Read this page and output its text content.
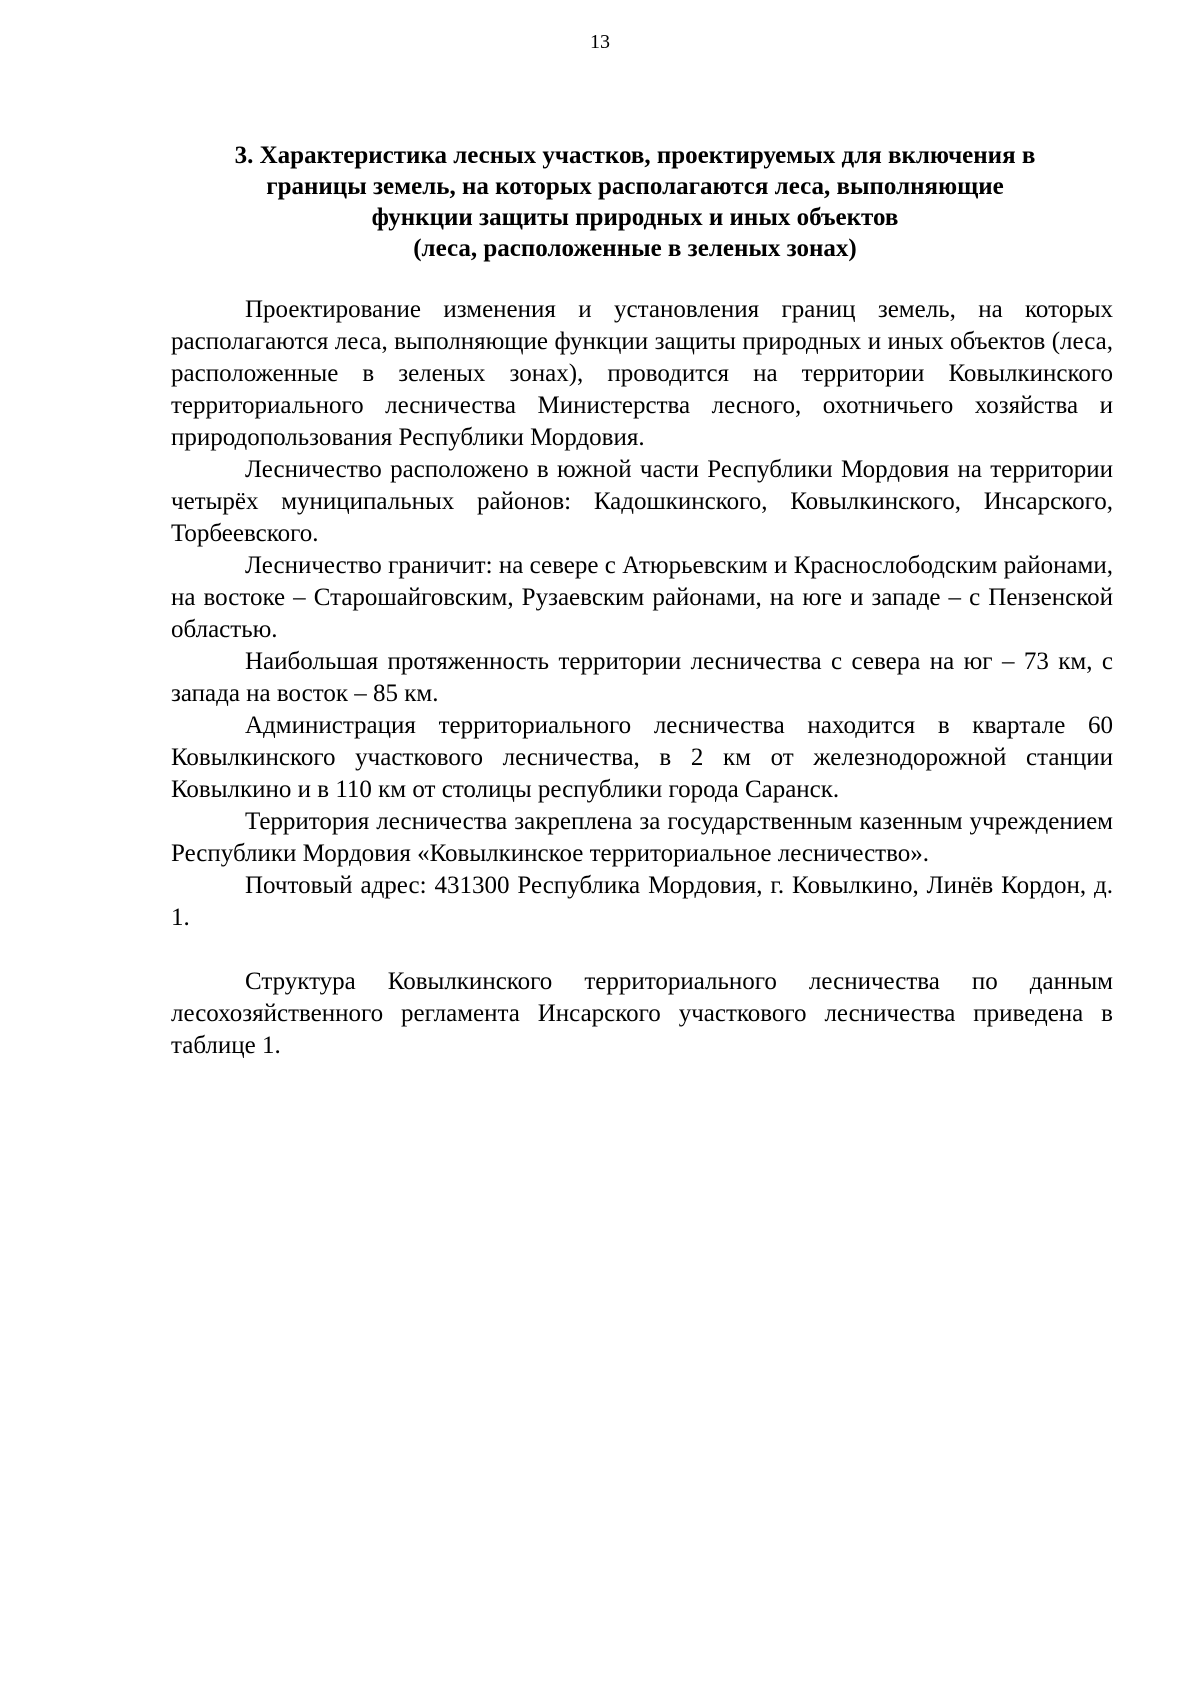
13
3. Характеристика лесных участков, проектируемых для включения в
границы земель, на которых располагаются леса, выполняющие
функции защиты природных и иных объектов
(леса, расположенные в зеленых зонах)

Проектирование изменения и установления границ земель, на которых располагаются леса, выполняющие функции защиты природных и иных объектов (леса, расположенные в зеленых зонах), проводится на территории Ковылкинского территориального лесничества Министерства лесного, охотничьего хозяйства и природопользования Республики Мордовия.

Лесничество расположено в южной части Республики Мордовия на территории четырёх муниципальных районов: Кадошкинского, Ковылкинского, Инсарского, Торбеевского.

Лесничество граничит: на севере с Атюрьевским и Краснослободским районами, на востоке – Старошайговским, Рузаевским районами, на юге и западе – с Пензенской областью.

Наибольшая протяженность территории лесничества с севера на юг – 73 км, с запада на восток – 85 км.

Администрация территориального лесничества находится в квартале 60 Ковылкинского участкового лесничества, в 2 км от железнодорожной станции Ковылкино и в 110 км от столицы республики города Саранск.

Территория лесничества закреплена за государственным казенным учреждением Республики Мордовия «Ковылкинское территориальное лесничество».

Почтовый адрес: 431300 Республика Мордовия, г. Ковылкино, Линёв Кордон, д. 1.

Структура Ковылкинского территориального лесничества по данным лесохозяйственного регламента Инсарского участкового лесничества приведена в таблице 1.
